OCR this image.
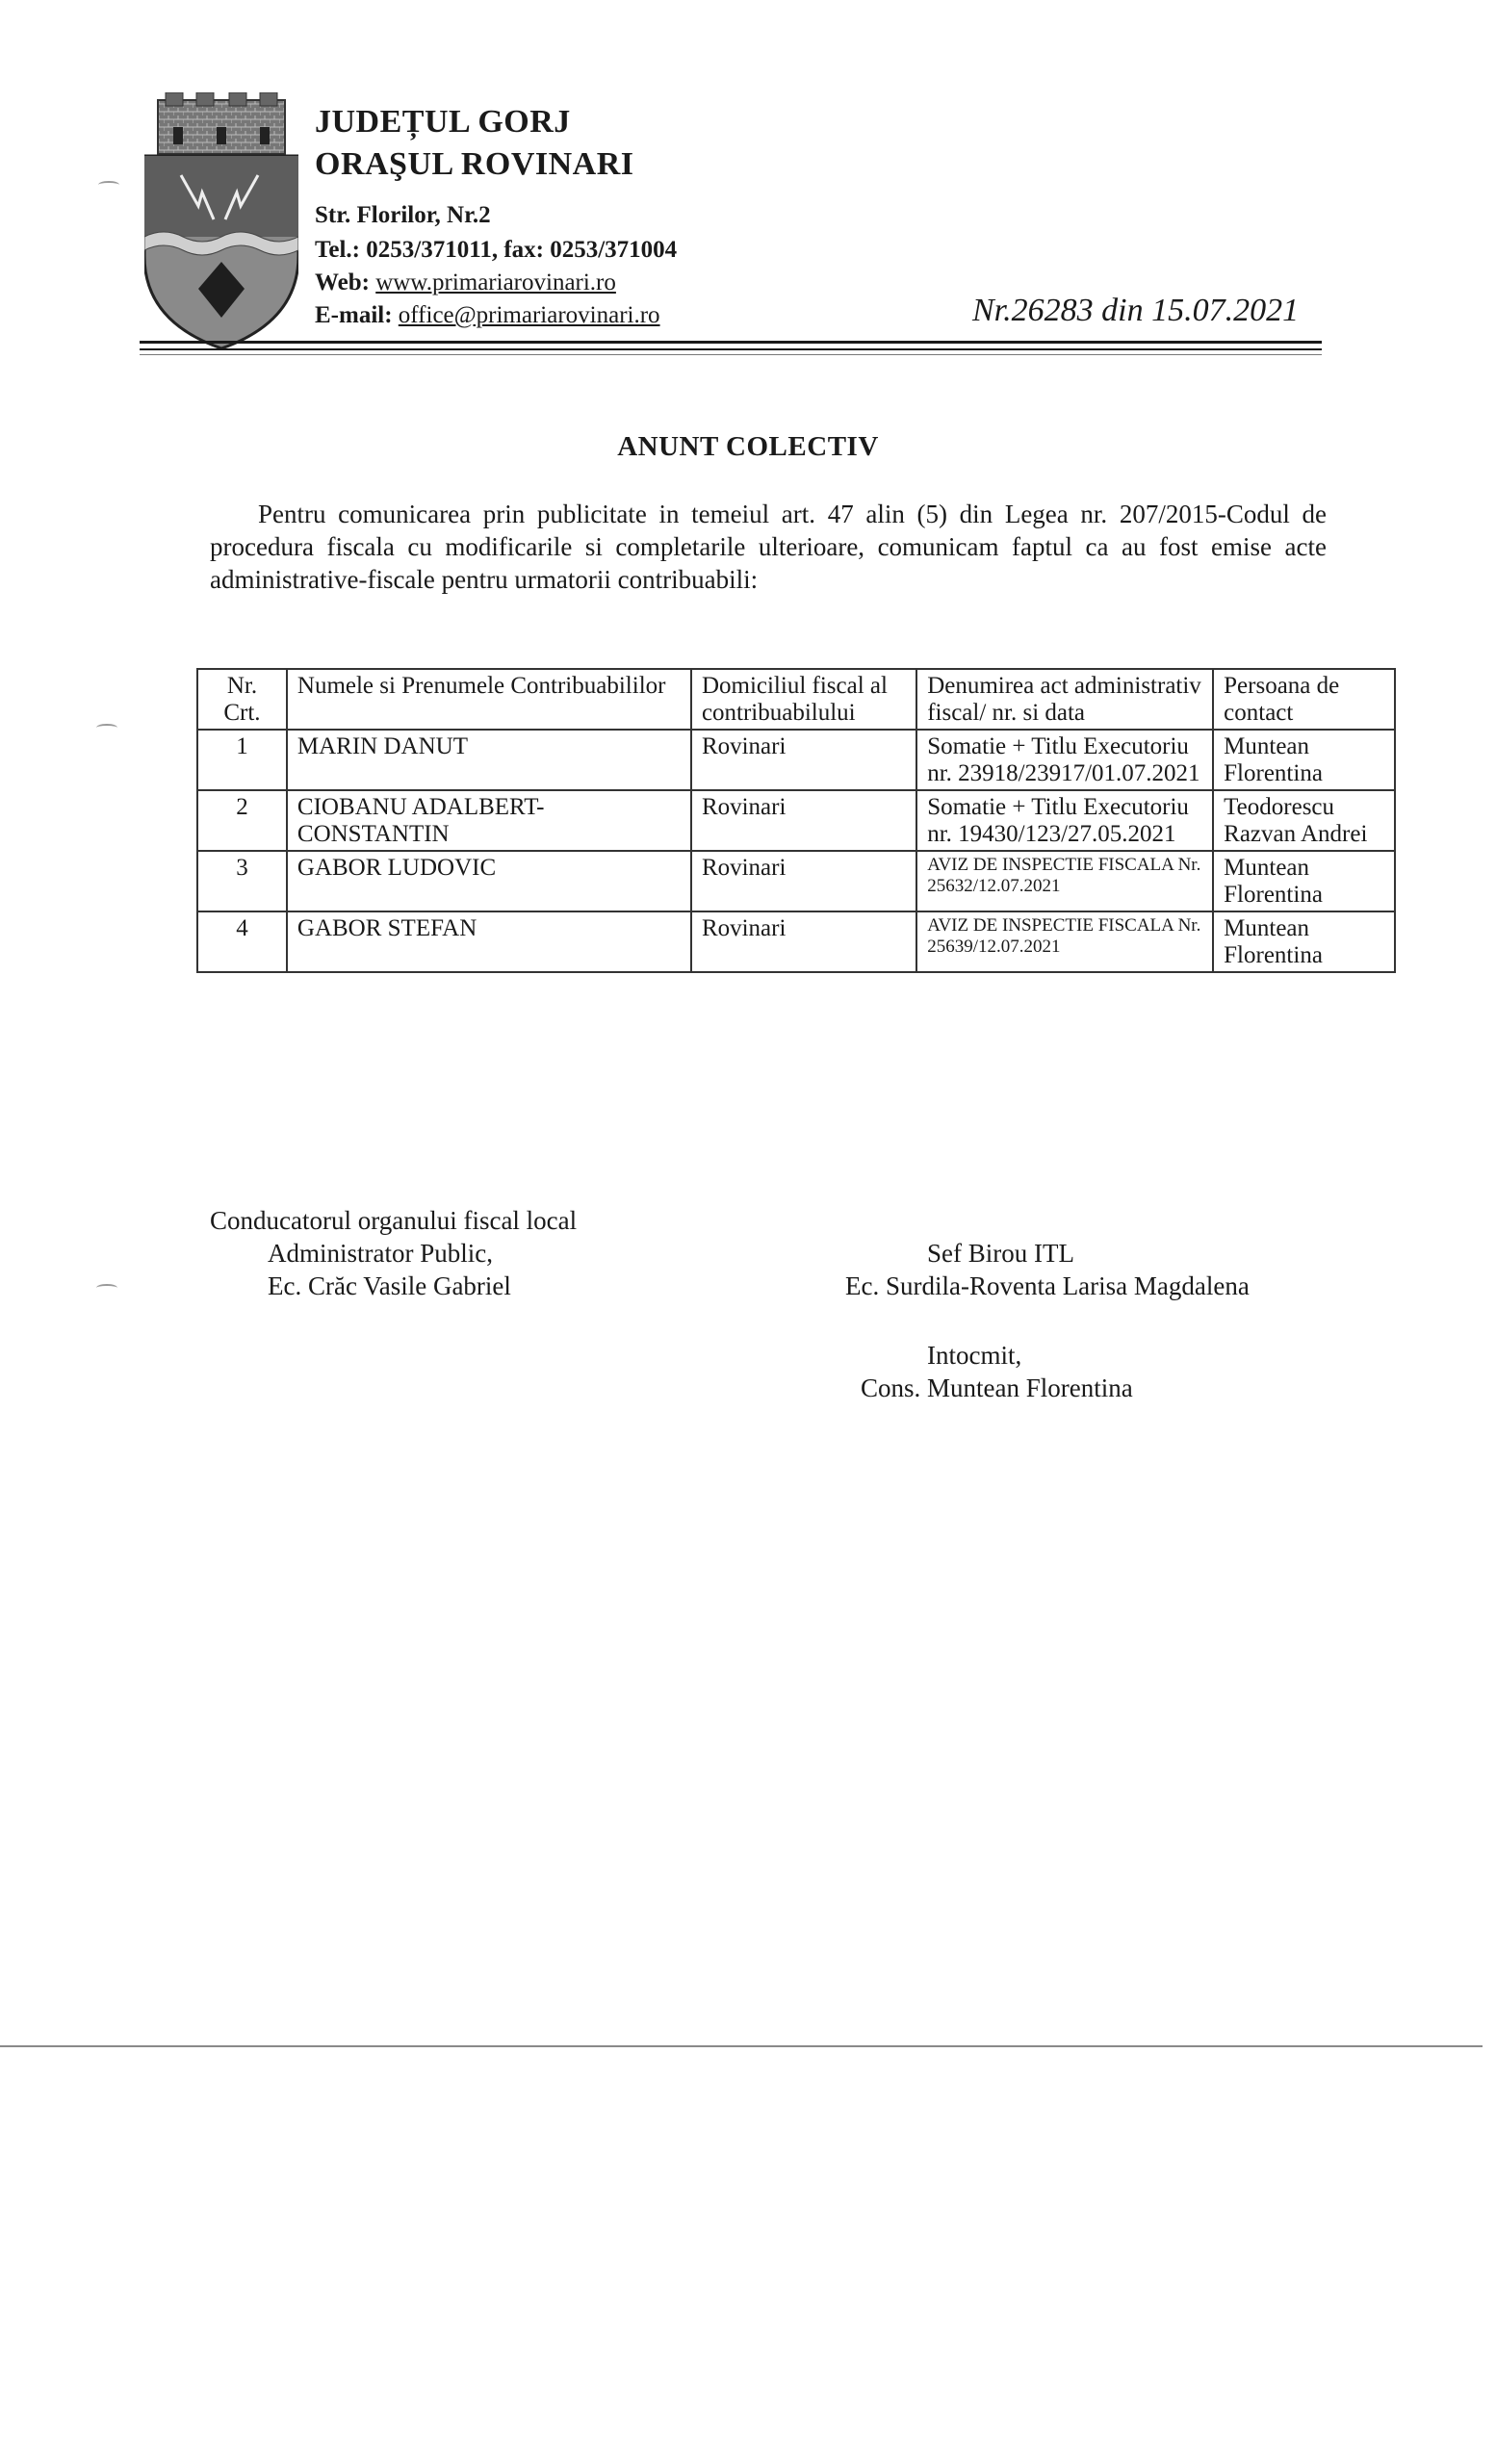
JUDEȚUL GORJ
ORAŞUL ROVINARI
Str. Florilor, Nr.2
Tel.: 0253/371011, fax: 0253/371004
Web: www.primariarovinari.ro
E-mail: office@primariarovinari.ro	Nr.26283 din 15.07.2021
ANUNT COLECTIV
Pentru comunicarea prin publicitate in temeiul art. 47 alin (5) din Legea nr. 207/2015-Codul de procedura fiscala cu modificarile si completarile ulterioare, comunicam faptul ca au fost emise acte administrative-fiscale pentru urmatorii contribuabili:
Nr. Crt.	Numele si Prenumele Contribuabililor	Domiciliul fiscal al contribuabilului	Denumirea act administrativ fiscal/ nr. si data	Persoana de contact
1	MARIN DANUT	Rovinari	Somatie + Titlu Executoriu nr. 23918/23917/01.07.2021	Muntean Florentina
2	CIOBANU ADALBERT-CONSTANTIN	Rovinari	Somatie + Titlu Executoriu nr. 19430/123/27.05.2021	Teodorescu Razvan Andrei
3	GABOR LUDOVIC	Rovinari	AVIZ DE INSPECTIE FISCALA Nr. 25632/12.07.2021	Muntean Florentina
4	GABOR STEFAN	Rovinari	AVIZ DE INSPECTIE FISCALA Nr. 25639/12.07.2021	Muntean Florentina
Conducatorul organului fiscal local
Administrator Public,
Ec. Crăc Vasile Gabriel
Sef Birou ITL
Ec. Surdila-Roventa Larisa Magdalena
Intocmit,
Cons. Muntean Florentina
